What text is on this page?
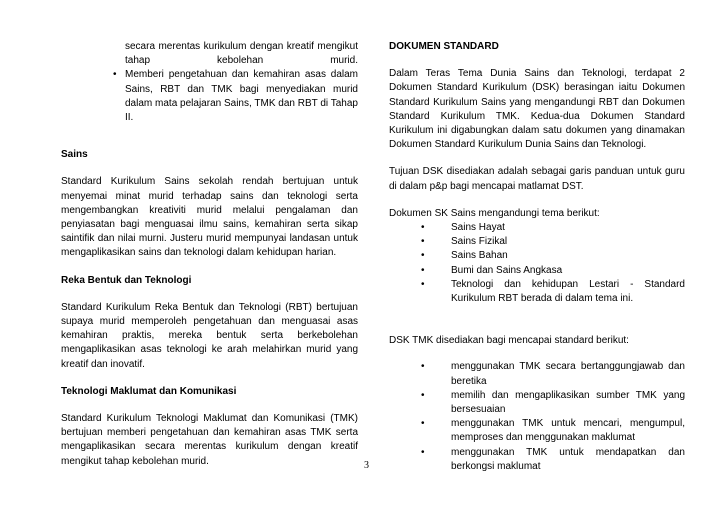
secara merentas kurikulum dengan kreatif mengikut tahap kebolehan murid.

• Memberi pengetahuan dan kemahiran asas dalam Sains, RBT dan TMK bagi menyediakan murid dalam mata pelajaran Sains, TMK dan RBT di Tahap II.
Sains

Standard Kurikulum Sains sekolah rendah bertujuan untuk menyemai minat murid terhadap sains dan teknologi serta mengembangkan kreativiti murid melalui pengalaman dan penyiasatan bagi menguasai ilmu sains, kemahiran serta sikap saintifik dan nilai murni. Justeru murid mempunyai landasan untuk mengaplikasikan sains dan teknologi dalam kehidupan harian.

Reka Bentuk dan Teknologi

Standard Kurikulum Reka Bentuk dan Teknologi (RBT) bertujuan supaya murid memperoleh pengetahuan dan menguasai asas kemahiran praktis, mereka bentuk serta berkebolehan mengaplikasikan asas teknologi ke arah melahirkan murid yang kreatif dan inovatif.

Teknologi Maklumat dan Komunikasi

Standard Kurikulum Teknologi Maklumat dan Komunikasi (TMK) bertujuan memberi pengetahuan dan kemahiran asas TMK serta mengaplikasikan secara merentas kurikulum dengan kreatif mengikut tahap kebolehan murid.

DOKUMEN STANDARD

Dalam Teras Tema Dunia Sains dan Teknologi, terdapat 2 Dokumen Standard Kurikulum (DSK) berasingan iaitu Dokumen Standard Kurikulum Sains yang mengandungi RBT dan Dokumen Standard Kurikulum TMK. Kedua-dua Dokumen Standard Kurikulum ini digabungkan dalam satu dokumen yang dinamakan Dokumen Standard Kurikulum Dunia Sains dan Teknologi.

Tujuan DSK disediakan adalah sebagai garis panduan untuk guru di dalam p&p bagi mencapai matlamat DST.

Dokumen SK Sains mengandungi tema berikut:

•	Sains Hayat
•	Sains Fizikal
•	Sains Bahan
•	Bumi dan Sains Angkasa
•	Teknologi dan kehidupan Lestari - Standard Kurikulum RBT berada di dalam tema ini.

DSK TMK disediakan bagi mencapai standard berikut:

•	menggunakan TMK secara bertanggungjawab dan beretika
•	memilih dan mengaplikasikan sumber TMK yang bersesuaian
•	menggunakan TMK untuk mencari, mengumpul, memproses dan menggunakan maklumat
•	menggunakan TMK untuk mendapatkan dan berkongsi maklumat
3
